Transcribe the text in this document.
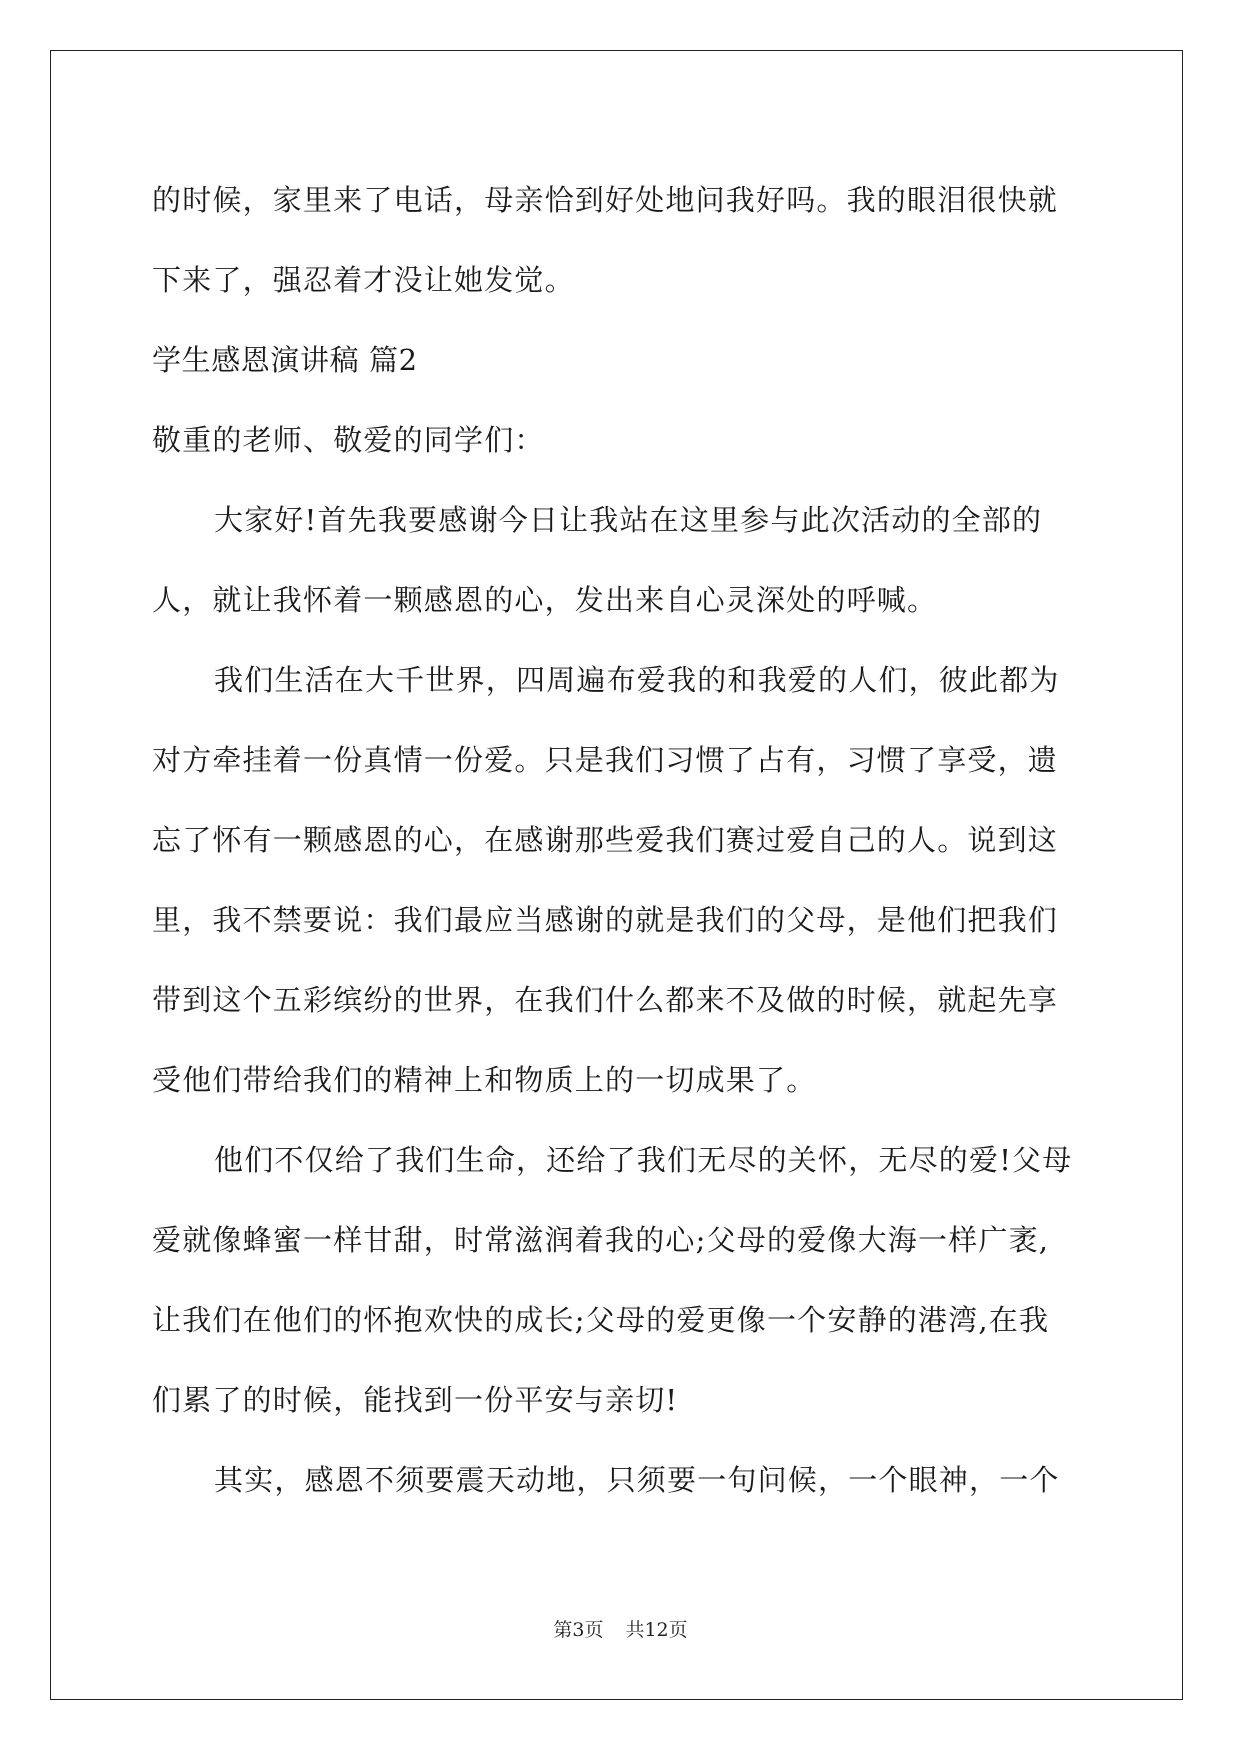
的时候，家里来了电话，母亲恰到好处地问我好吗。我的眼泪很快就

下来了，强忍着才没让她发觉。

学生感恩演讲稿 篇2

敬重的老师、敬爱的同学们：

大家好!首先我要感谢今日让我站在这里参与此次活动的全部的

人，就让我怀着一颗感恩的心，发出来自心灵深处的呼喊。

我们生活在大千世界，四周遍布爱我的和我爱的人们，彼此都为

对方牵挂着一份真情一份爱。只是我们习惯了占有，习惯了享受，遗

忘了怀有一颗感恩的心，在感谢那些爱我们赛过爱自己的人。说到这

里，我不禁要说：我们最应当感谢的就是我们的父母，是他们把我们

带到这个五彩缤纷的世界，在我们什么都来不及做的时候，就起先享

受他们带给我们的精神上和物质上的一切成果了。

他们不仅给了我们生命，还给了我们无尽的关怀，无尽的爱!父母

爱就像蜂蜜一样甘甜，时常滋润着我的心;父母的爱像大海一样广袤,

让我们在他们的怀抱欢快的成长;父母的爱更像一个安静的港湾,在我

们累了的时候，能找到一份平安与亲切!

其实，感恩不须要震天动地，只须要一句问候，一个眼神，一个

第3页 共12页
